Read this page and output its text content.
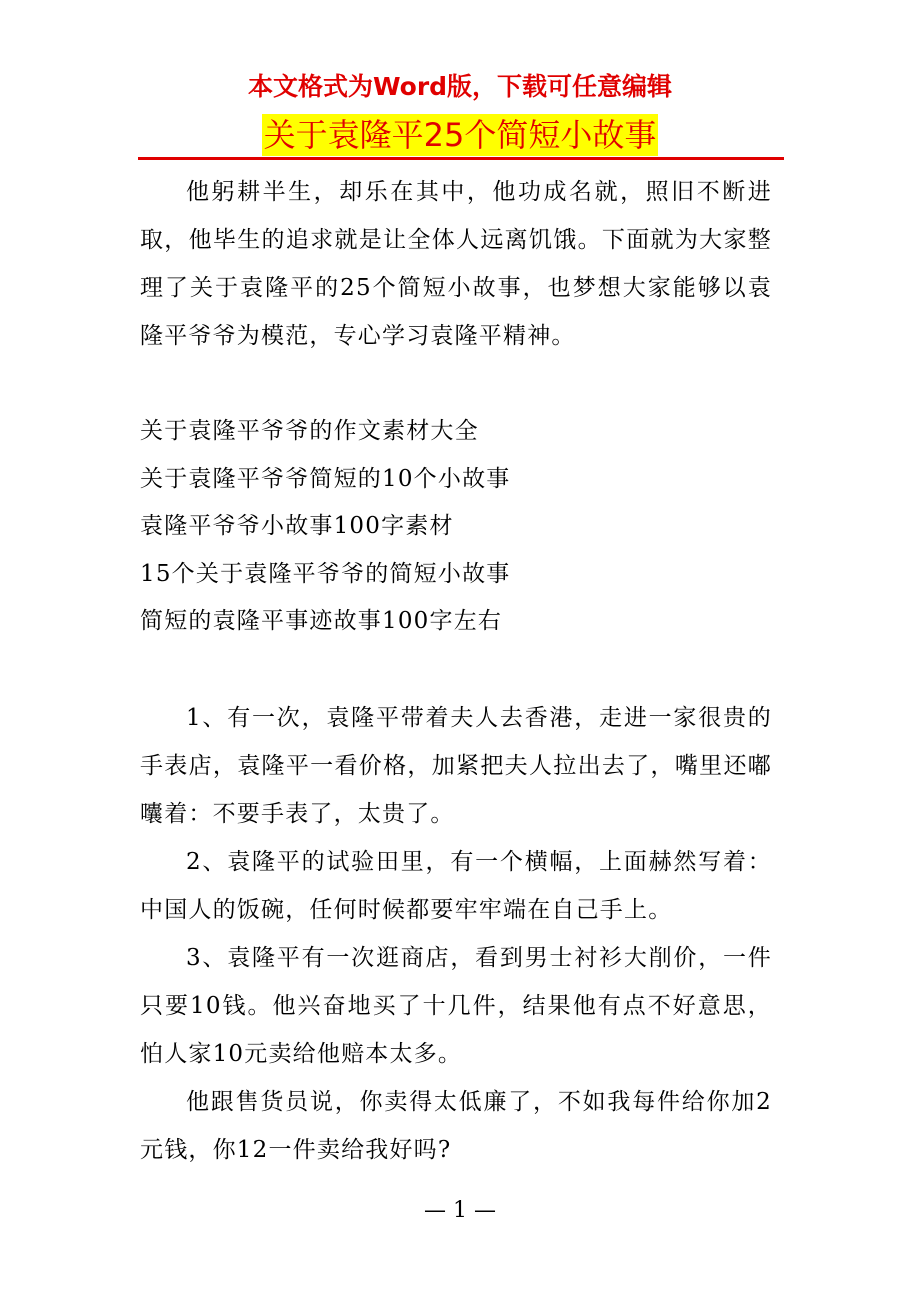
本文格式为Word版，下载可任意编辑
关于袁隆平25个简短小故事

他躬耕半生，却乐在其中，他功成名就，照旧不断进取，他毕生的追求就是让全体人远离饥饿。下面就为大家整理了关于袁隆平的25个简短小故事，也梦想大家能够以袁隆平爷爷为模范，专心学习袁隆平精神。

关于袁隆平爷爷的作文素材大全

关于袁隆平爷爷简短的10个小故事

袁隆平爷爷小故事100字素材

15个关于袁隆平爷爷的简短小故事

简短的袁隆平事迹故事100字左右

1、有一次，袁隆平带着夫人去香港，走进一家很贵的手表店，袁隆平一看价格，加紧把夫人拉出去了，嘴里还嘟囔着：不要手表了，太贵了。

2、袁隆平的试验田里，有一个横幅，上面赫然写着：中国人的饭碗，任何时候都要牢牢端在自己手上。

3、袁隆平有一次逛商店，看到男士衬衫大削价，一件只要10钱。他兴奋地买了十几件，结果他有点不好意思，怕人家10元卖给他赔本太多。

他跟售货员说，你卖得太低廉了，不如我每件给你加2元钱，你12一件卖给我好吗?

— 1 —
